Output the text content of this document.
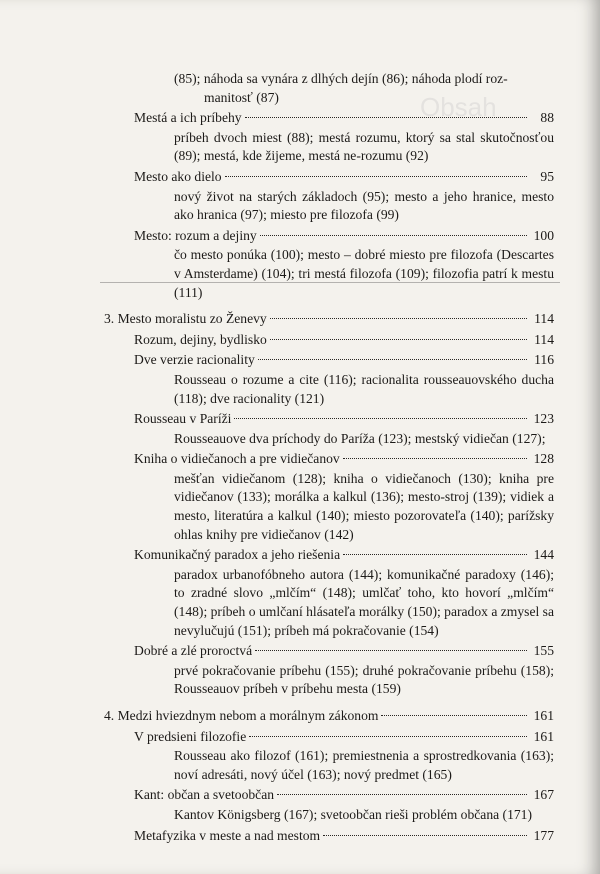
Obsah
(85); náhoda sa vynára z dlhých dejín (86); náhoda plodí roz-
manitosť (87)
Mestá a ich príbehy	88
príbeh dvoch miest (88); mestá rozumu, ktorý sa stal skutočnosťou (89); mestá, kde žijeme, mestá ne-rozumu (92)
Mesto ako dielo	95
nový život na starých základoch (95); mesto a jeho hranice, mesto ako hranica (97); miesto pre filozofa (99)
Mesto: rozum a dejiny	100
čo mesto ponúka (100); mesto – dobré miesto pre filozofa (Descartes v Amsterdame) (104); tri mestá filozofa (109); filozofia patrí k mestu (111)
3. Mesto moralistu zo Ženevy	114
Rozum, dejiny, bydlisko	114
Dve verzie racionality	116
Rousseau o rozume a cite (116); racionalita rousseauovského ducha (118); dve racionality (121)
Rousseau v Paríži	123
Rousseauove dva príchody do Paríža (123); mestský vidiečan (127);
Kniha o vidiečanoch a pre vidiečanov	128
mešťan vidiečanom (128); kniha o vidiečanoch (130); kniha pre vidiečanov (133); morálka a kalkul (136); mesto-stroj (139); vidiek a mesto, literatúra a kalkul (140); miesto pozorovateľa (140); parížsky ohlas knihy pre vidiečanov (142)
Komunikačný paradox a jeho riešenia	144
paradox urbanofóbneho autora (144); komunikačné paradoxy (146); to zradné slovo „mlčím“ (148); umlčať toho, kto hovorí „mlčím“ (148); príbeh o umlčaní hlásateľa morálky (150); paradox a zmysel sa nevylučujú (151); príbeh má pokračovanie (154)
Dobré a zlé proroctvá	155
prvé pokračovanie príbehu (155); druhé pokračovanie príbehu (158); Rousseauov príbeh v príbehu mesta (159)
4. Medzi hviezdnym nebom a morálnym zákonom	161
V predsieni filozofie	161
Rousseau ako filozof (161); premiestnenia a sprostredkovania (163); noví adresáti, nový účel (163); nový predmet (165)
Kant: občan a svetoobčan	167
Kantov Königsberg (167); svetoobčan rieši problém občana (171)
Metafyzika v meste a nad mestom	177
